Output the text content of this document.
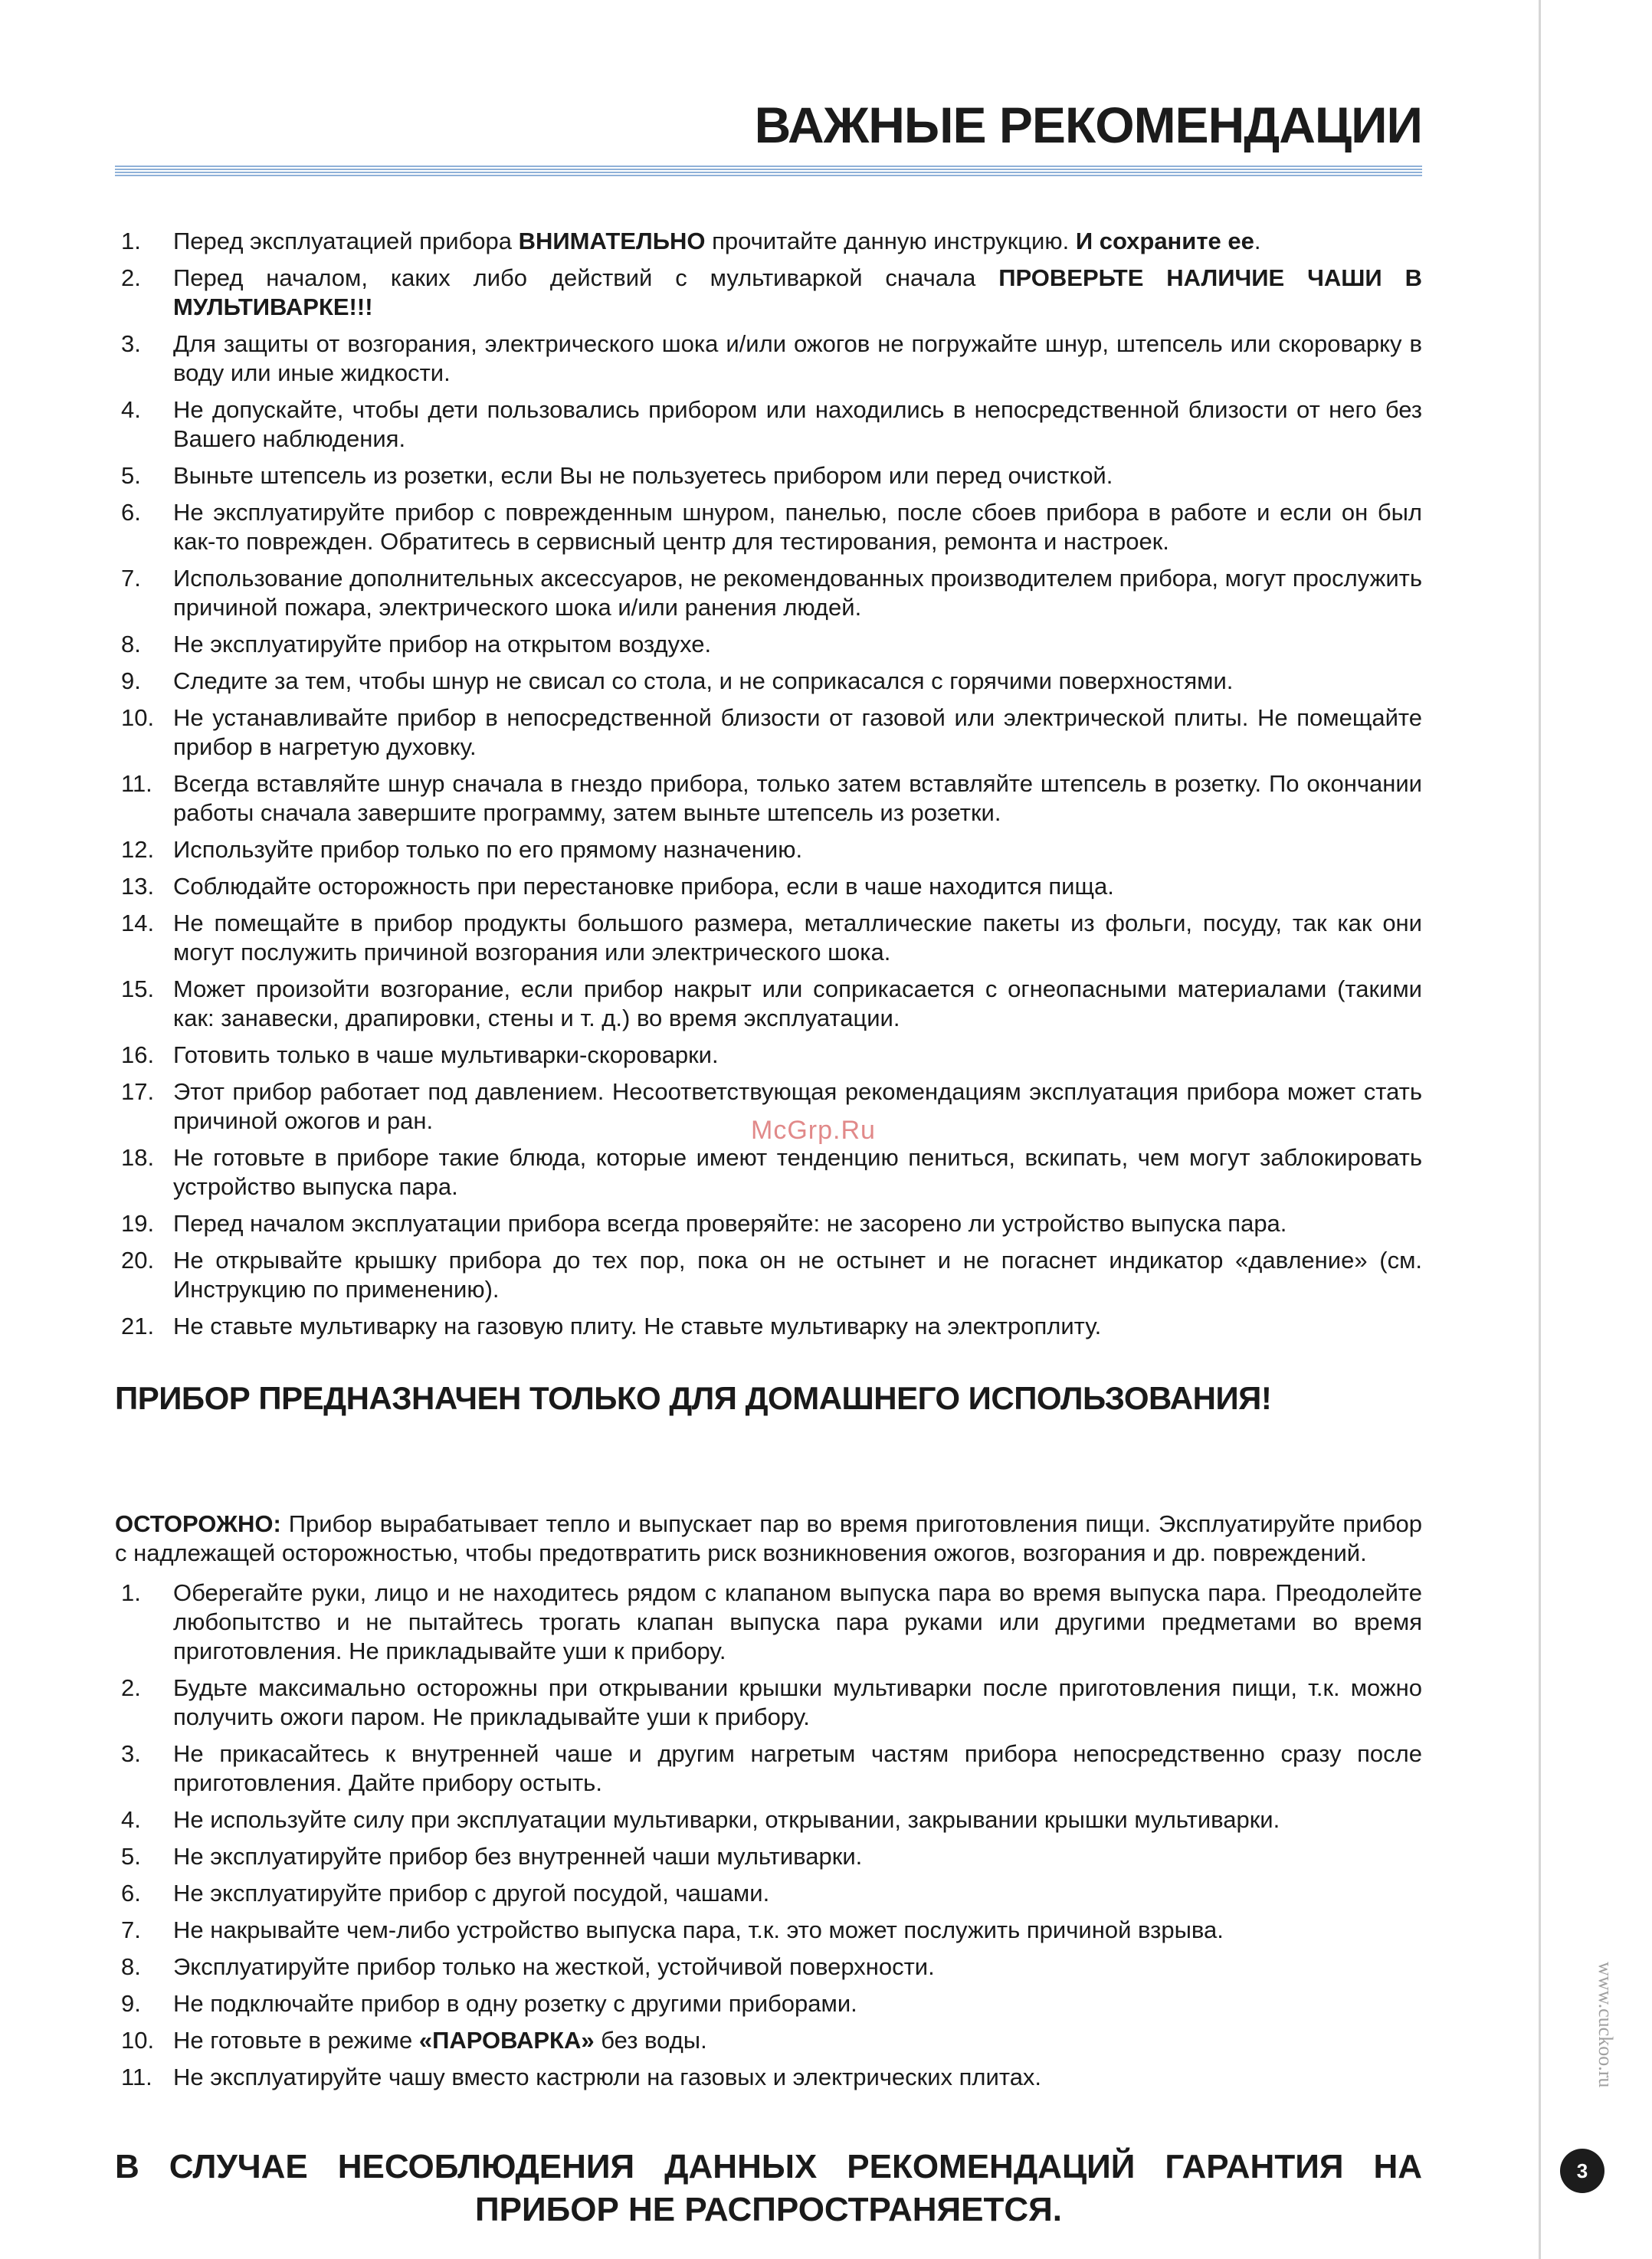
ВАЖНЫЕ РЕКОМЕНДАЦИИ
1. Перед эксплуатацией прибора ВНИМАТЕЛЬНО прочитайте данную инструкцию. И сохраните ее.
2. Перед началом, каких либо действий с мультиваркой сначала ПРОВЕРЬТЕ НАЛИЧИЕ ЧАШИ В МУЛЬТИВАРКЕ!!!
3. Для защиты от возгорания, электрического шока и/или ожогов не погружайте шнур, штепсель или скороварку в воду или иные жидкости.
4. Не допускайте, чтобы дети пользовались прибором или находились в непосредственной близости от него без Вашего наблюдения.
5. Выньте штепсель из розетки, если Вы не пользуетесь прибором или перед очисткой.
6. Не эксплуатируйте прибор с поврежденным шнуром, панелью, после сбоев прибора в работе и если он был как-то поврежден. Обратитесь в сервисный центр для тестирования, ремонта и настроек.
7. Использование дополнительных аксессуаров, не рекомендованных производителем прибора, могут прослужить причиной пожара, электрического шока и/или ранения людей.
8. Не эксплуатируйте прибор на открытом воздухе.
9. Следите за тем, чтобы шнур не свисал со стола, и не соприкасался с горячими поверхностями.
10. Не устанавливайте прибор в непосредственной близости от газовой или электрической плиты. Не помещайте прибор в нагретую духовку.
11. Всегда вставляйте шнур сначала в гнездо прибора, только затем вставляйте штепсель в розетку. По окончании работы сначала завершите программу, затем выньте штепсель из розетки.
12. Используйте прибор только по его прямому назначению.
13. Соблюдайте осторожность при перестановке прибора, если в чаше находится пища.
14. Не помещайте в прибор продукты большого размера, металлические пакеты из фольги, посуду, так как они могут послужить причиной возгорания или электрического шока.
15. Может произойти возгорание, если прибор накрыт или соприкасается с огнеопасными материалами (такими как: занавески, драпировки, стены и т. д.) во время эксплуатации.
16. Готовить только в чаше мультиварки-скороварки.
17. Этот прибор работает под давлением. Несоответствующая рекомендациям эксплуатация прибора может стать причиной ожогов и ран.
18. Не готовьте в приборе такие блюда, которые имеют тенденцию пениться, вскипать, чем могут заблокировать устройство выпуска пара.
19. Перед началом эксплуатации прибора всегда проверяйте: не засорено ли устройство выпуска пара.
20. Не открывайте крышку прибора до тех пор, пока он не остынет и не погаснет индикатор «давление» (см. Инструкцию по применению).
21. Не ставьте мультиварку на газовую плиту. Не ставьте мультиварку на электроплиту.

ПРИБОР ПРЕДНАЗНАЧЕН ТОЛЬКО ДЛЯ ДОМАШНЕГО ИСПОЛЬЗОВАНИЯ!

ОСТОРОЖНО: Прибор вырабатывает тепло и выпускает пар во время приготовления пищи. Эксплуатируйте прибор с надлежащей осторожностью, чтобы предотвратить риск возникновения ожогов, возгорания и др. повреждений.

1. Оберегайте руки, лицо и не находитесь рядом с клапаном выпуска пара во время выпуска пара. Преодолейте любопытство и не пытайтесь трогать клапан выпуска пара руками или другими предметами во время приготовления. Не прикладывайте уши к прибору.
2. Будьте максимально осторожны при открывании крышки мультиварки после приготовления пищи, т.к. можно получить ожоги паром. Не прикладывайте уши к прибору.
3. Не прикасайтесь к внутренней чаше и другим нагретым частям прибора непосредственно сразу после приготовления. Дайте прибору остыть.
4. Не используйте силу при эксплуатации мультиварки, открывании, закрывании крышки мультиварки.
5. Не эксплуатируйте прибор без внутренней чаши мультиварки.
6. Не эксплуатируйте прибор с другой посудой, чашами.
7. Не накрывайте чем-либо устройство выпуска пара, т.к. это может послужить причиной взрыва.
8. Эксплуатируйте прибор только на жесткой, устойчивой поверхности.
9. Не подключайте прибор в одну розетку с другими приборами.
10. Не готовьте в режиме «ПАРОВАРКА» без воды.
11. Не эксплуатируйте чашу вместо кастрюли на газовых и электрических плитах.

В СЛУЧАЕ НЕСОБЛЮДЕНИЯ ДАННЫХ РЕКОМЕНДАЦИЙ ГАРАНТИЯ НА
ПРИБОР НЕ РАСПРОСТРАНЯЕТСЯ.

McGrp.Ru
www.cuckoo.ru
3
